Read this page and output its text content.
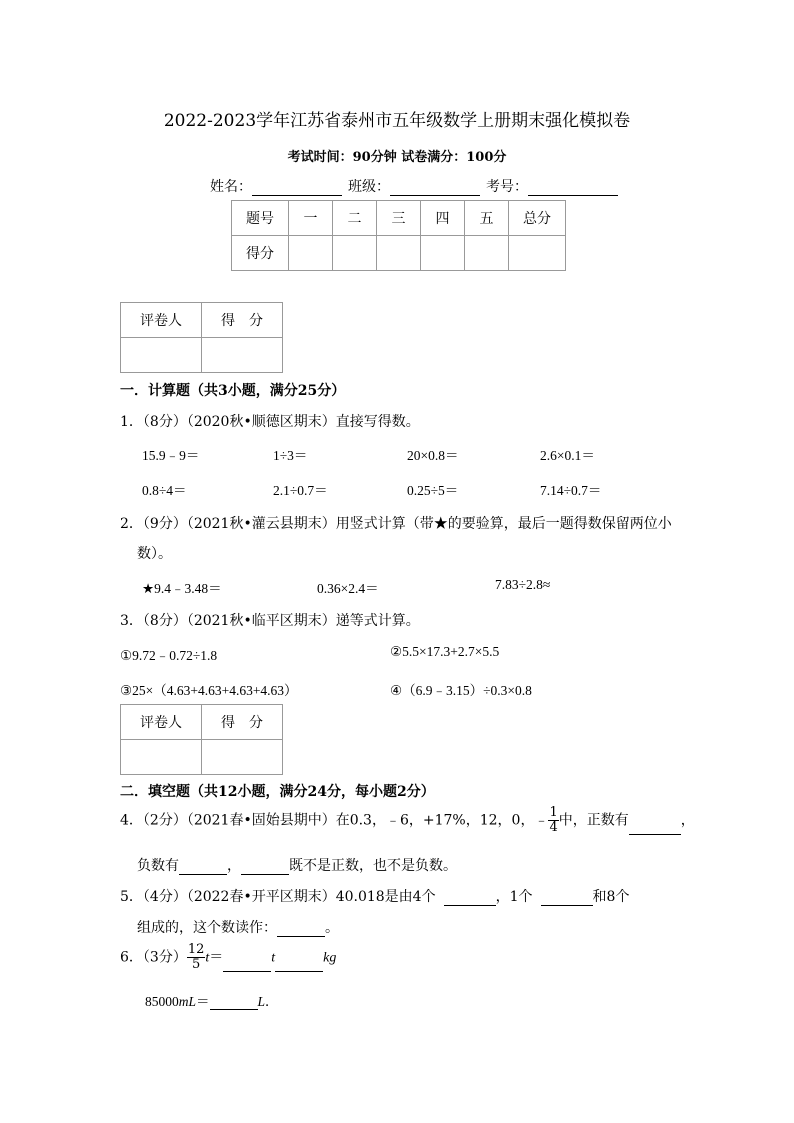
2022-2023学年江苏省泰州市五年级数学上册期末强化模拟卷
考试时间：90分钟 试卷满分：100分
姓名：	班级：	考号：
题号	一	二	三	四	五	总分
得分						
评卷人	得　分

一．计算题（共3小题，满分25分）
1．（8分）（2020秋•顺德区期末）直接写得数。
15.9﹣9＝	1÷3＝	20×0.8＝	2.6×0.1＝
0.8÷4＝	2.1÷0.7＝	0.25÷5＝	7.14÷0.7＝
2．（9分）（2021秋•灌云县期末）用竖式计算（带★的要验算，最后一题得数保留两位小
数）。
★9.4﹣3.48＝	0.36×2.4＝	7.83÷2.8≈
3．（8分）（2021秋•临平区期末）递等式计算。
①9.72﹣0.72÷1.8	②5.5×17.3+2.7×5.5
③25×（4.63+4.63+4.63+4.63）	④（6.9﹣3.15）÷0.3×0.8
评卷人	得　分

二．填空题（共12小题，满分24分，每小题2分）
4．（2分）（2021春•固始县期中）在0.3，﹣6，+17%，12，0，﹣ $\frac{1}{4}$ 中，正数有	，
负数有	，	既不是正数，也不是负数。
5．（4分）（2022春•开平区期末）40.018是由4个	，1个	和8个
组成的，这个数读作：	。
6．（3分） $\frac{12}{5} t=$	t	kg
85000mL＝	L．
